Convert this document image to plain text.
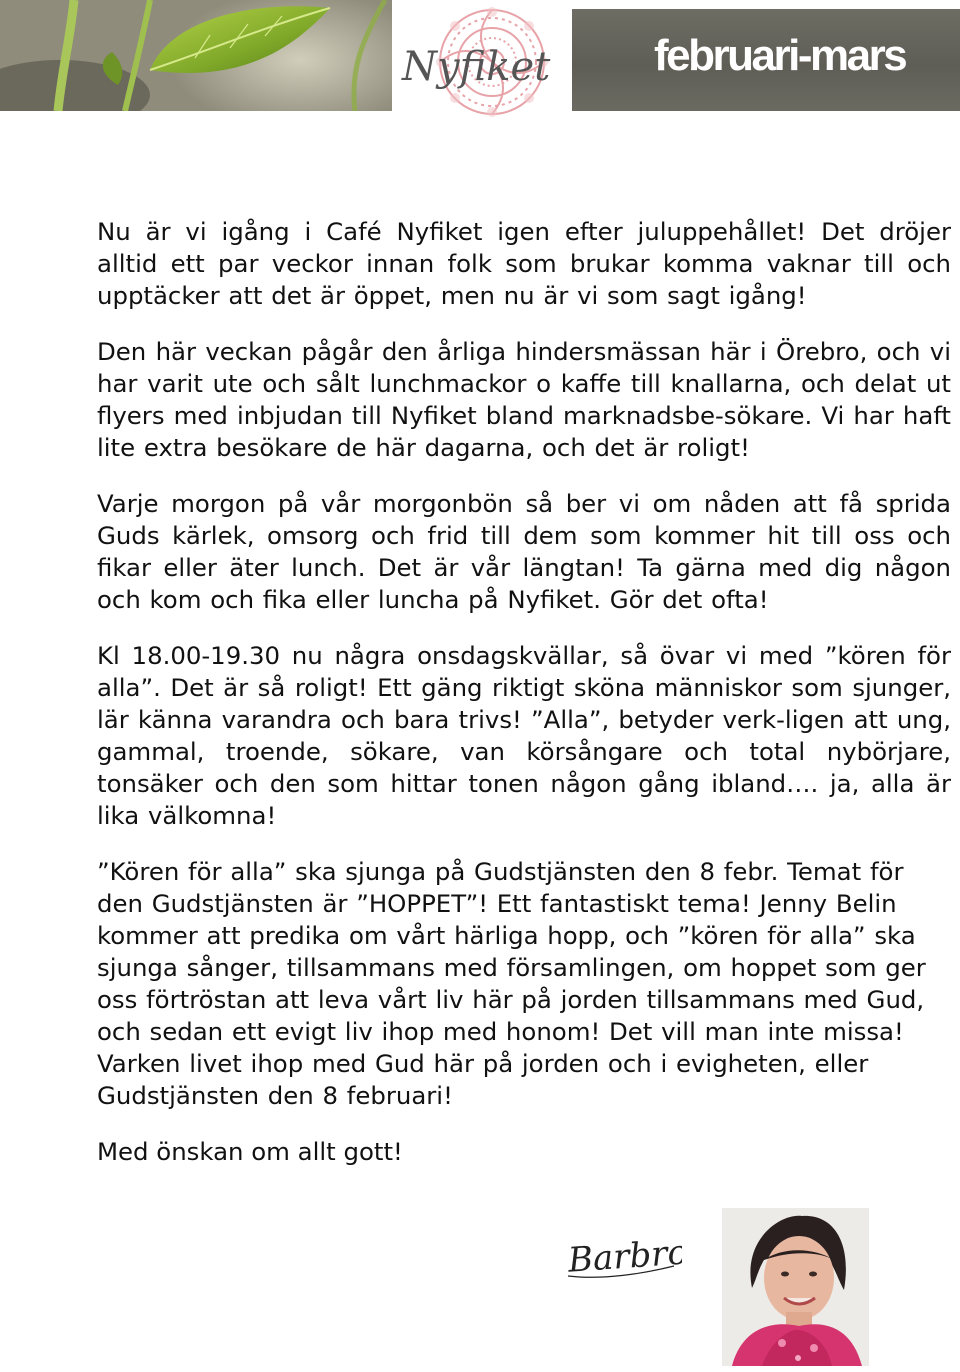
Nyfiket februari-mars

Nu är vi igång i Café Nyfiket igen efter juluppehållet! Det dröjer alltid ett par veckor innan folk som brukar komma vaknar till och upptäcker att det är öppet, men nu är vi som sagt igång!

Den här veckan pågår den årliga hindersmässan här i Örebro, och vi har varit ute och sålt lunchmackor o kaffe till knallarna, och delat ut flyers med inbjudan till Nyfiket bland marknadsbe-sökare. Vi har haft lite extra besökare de här dagarna, och det är roligt!

Varje morgon på vår morgonbön så ber vi om nåden att få sprida Guds kärlek, omsorg och frid till dem som kommer hit till oss och fikar eller äter lunch. Det är vår längtan! Ta gärna med dig någon och kom och fika eller luncha på Nyfiket. Gör det ofta!

Kl 18.00-19.30 nu några onsdagskvällar, så övar vi med ”kören för alla”. Det är så roligt! Ett gäng riktigt sköna människor som sjunger, lär känna varandra och bara trivs! ”Alla”, betyder verk-ligen att ung, gammal, troende, sökare, van körsångare och total nybörjare, tonsäker och den som hittar tonen någon gång ibland…. ja, alla är lika välkomna!

”Kören för alla” ska sjunga på Gudstjänsten den 8 febr. Temat för den Gudstjänsten är ”HOPPET”! Ett fantastiskt tema! Jenny Belin kommer att predika om vårt härliga hopp, och ”kören för alla” ska sjunga sånger, tillsammans med församlingen, om hoppet som ger oss förtröstan att leva vårt liv här på jorden tillsammans med Gud, och sedan ett evigt liv ihop med honom! Det vill man inte missa! Varken livet ihop med Gud här på jorden och i evigheten, eller Gudstjänsten den 8 februari!

Med önskan om allt gott!

Barbro
